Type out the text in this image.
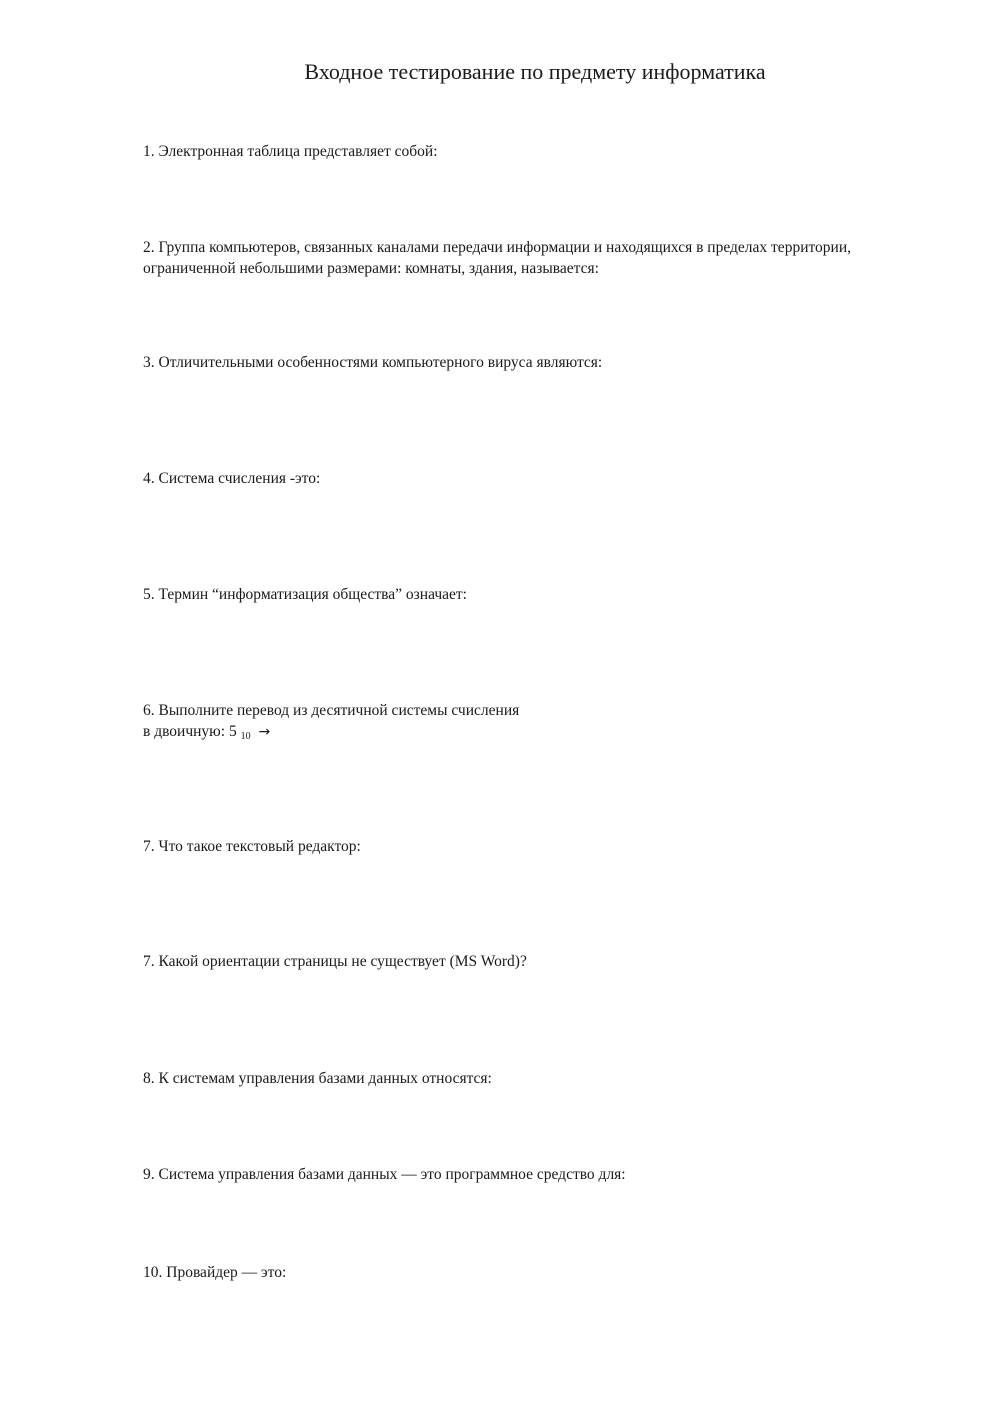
Входное тестирование по предмету информатика
1. Электронная таблица представляет собой:
2. Группа компьютеров, связанных каналами передачи информации и находящихся в пределах территории,
ограниченной небольшими размерами: комнаты, здания, называется:
3. Отличительными особенностями компьютерного вируса являются:
4. Система счисления -это:
5. Термин “информатизация общества” означает:
6. Выполните перевод из десятичной системы счисления
в двоичную: 5 $_{10}$ →
7. Что такое текстовый редактор:
7. Какой ориентации страницы не существует (MS Word)?
8. К системам управления базами данных относятся:
9. Система управления базами данных — это программное средство для:
10. Провайдер — это:
